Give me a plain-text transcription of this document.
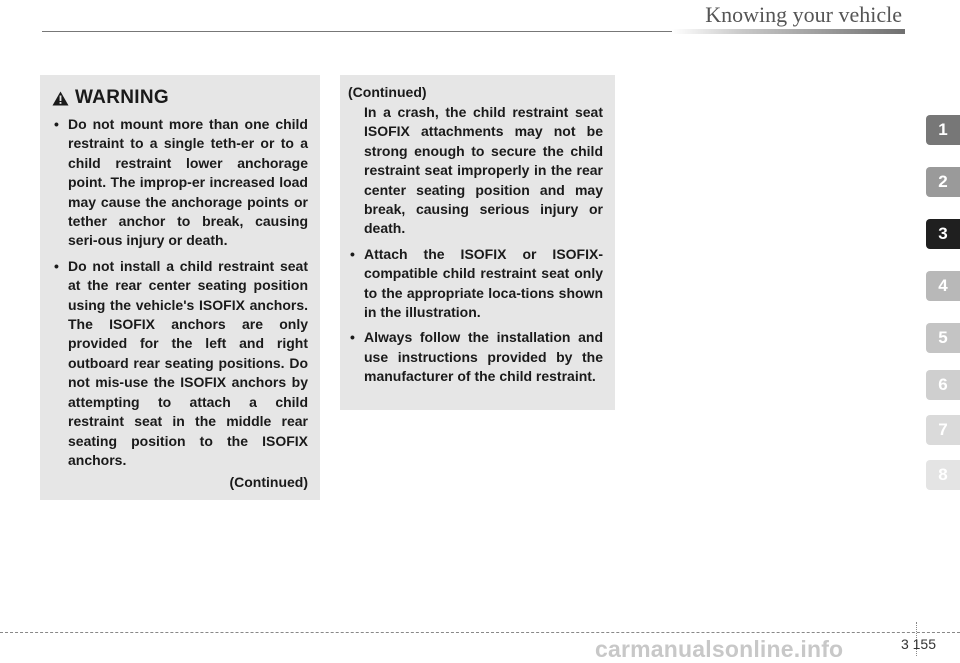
Knowing your vehicle
WARNING
• Do not mount more than one child restraint to a single teth-er or to a child restraint lower anchorage point. The improp-er increased load may cause the anchorage points or tether anchor to break, causing seri-ous injury or death.
• Do not install a child restraint seat at the rear center seating position using the vehicle's ISOFIX anchors. The ISOFIX anchors are only provided for the left and right outboard rear seating positions. Do not mis-use the ISOFIX anchors by attempting to attach a child restraint seat in the middle rear seating position to the ISOFIX anchors.
(Continued)
(Continued)
In a crash, the child restraint seat ISOFIX attachments may not be strong enough to secure the child restraint seat improperly in the rear center seating position and may break, causing serious injury or death.
• Attach the ISOFIX or ISOFIX-compatible child restraint seat only to the appropriate loca-tions shown in the illustration.
• Always follow the installation and use instructions provided by the manufacturer of the child restraint.
1
2
3
4
5
6
7
8
carmanualsonline.info	3 155
